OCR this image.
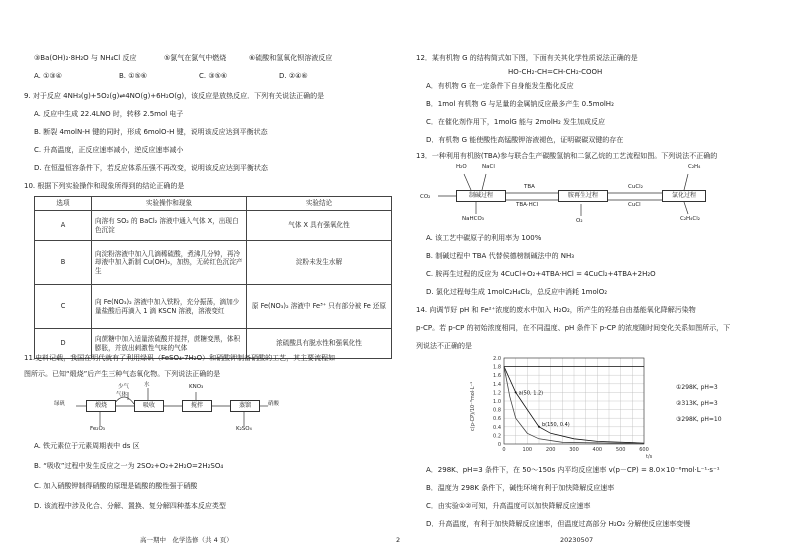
③Ba(OH)₂·8H₂O 与 NH₄Cl 反应	⑤氯气在氯气中燃烧	⑥硫酸和氢氧化钡溶液反应
A. ①③④	B. ①⑤⑥	C. ③⑤⑥	D. ②④⑥
9. 对于反应 4NH₃(g)+5O₂(g)⇌4NO(g)+6H₂O(g)，该反应是放热反应．下列有关说法正确的是
A. 反应中生成 22.4LNO 时，转移 2.5mol 电子
B. 断裂 4molN-H 键的同时，形成 6molO-H 键，说明该反应达到平衡状态
C. 升高温度，正反应速率减小，逆反应速率减小
D. 在恒温恒容条件下，若反应体系压强不再改变，说明该反应达到平衡状态
10. 根据下列实验操作和现象所得到的结论正确的是
选项	实验操作和现象	实验结论
A	向溶有 SO₂ 的 BaCl₂ 溶液中通入气体 X，出现白色沉淀	气体 X 具有强氧化性
B	向淀粉溶液中加入几滴稀硫酸，煮沸几分钟，再冷却液中加入新制 Cu(OH)₂，加热，无砖红色沉淀产生	淀粉未发生水解
C	向 Fe(NO₃)₂ 溶液中加入铁粉，充分振荡，滴加少量盐酸后再滴入 1 滴 KSCN 溶液，溶液变红	原 Fe(NO₃)₂ 溶液中 Fe³⁺ 只有部分被 Fe 还原
D	向蔗糖中加入适量浓硫酸并搅拌，蔗糖变黑，体积膨胀，并放出刺激性气味的气体	浓硫酸具有脱水性和强氧化性
11.史料记载，我国在明代就有了利用绿矾（FeSO₄·7H₂O）和硝酸钾制备硝酸的工艺，其主要流程如
图所示。已知“煅烧”后产生三种气态氧化物。下列说法正确的是
绿矾	煅烧	吸收	搅拌	蒸馏	硝酸
少气	水	KNO₃
K₂SO₄
Fe₂O₃
气体
A. 铁元素位于元素周期表中 ds 区
B. “吸收”过程中发生反应之一为 2SO₂+O₂+2H₂O=2H₂SO₄
C. 加入硝酸钾制得硝酸的原理是硫酸的酸性强于硝酸
D. 该流程中涉及化合、分解、置换、复分解四种基本反应类型
12．某有机物 G 的结构简式如下图，下面有关其化学性质说法正确的是
HO-CH₂-CH=CH-CH₂-COOH
A．有机物 G 在一定条件下自身能发生酯化反应
B．1mol 有机物 G 与足量的金属钠反应最多产生 0.5molH₂
C．在催化剂作用下，1molG 能与 2molH₂ 发生加成反应
D．有机物 G 能使酸性高锰酸钾溶液褪色，证明碳碳双键的存在
13．一种利用有机胺(TBA)参与联合生产碳酸氢钠和二氯乙烷的工艺流程如图。下列说法不正确的
制碱过程	胺再生过程	氯化过程
H₂O	NaCl
TBA	CuCl₂
C₂H₄
CO₂
NaHCO₃
TBA·HCl
O₂
CuCl
C₂H₄Cl₂
A. 该工艺中碳原子的利用率为 100%
B. 制碱过程中 TBA 代替侯德榜制碱法中的 NH₃
C. 胺再生过程的反应为 4CuCl+O₂+4TBA·HCl = 4CuCl₂+4TBA+2H₂O
D. 氯化过程每生成 1molC₂H₄Cl₂，总反应中消耗 1molO₂
14. 向调节好 pH 和 Fe²⁺浓度的废水中加入 H₂O₂，所产生的羟基自由基能氧化降解污染物
p-CP。若 p-CP 的初始浓度相同，在不同温度、pH 条件下 p-CP 的浓度随时间变化关系如图所示，下
列说法不正确的是
2.0
1.8
1.6
1.4
1.2
1.0
0.8
0.6
0.4
0.2
0
0	100	200	300	400	500	600
t/s
c(p-CP)/10⁻³mol·L⁻¹	a(50, 1.2)
b(150, 0.4)
①298K, pH=3
②313K, pH=3
③298K, pH=10
A．298K、pH=3 条件下，在 50～150s 内平均反应速率 v(p－CP) = 8.0×10⁻⁶mol·L⁻¹·s⁻¹
B．温度为 298K 条件下，碱性环境有利于加快降解反应速率
C．由实验①②可知，升高温度可以加快降解反应速率
D．升高温度，有利于加快降解反应速率，但温度过高部分 H₂O₂ 分解使反应速率变慢
高一期中　化学选修（共 4 页）	2	20230507
